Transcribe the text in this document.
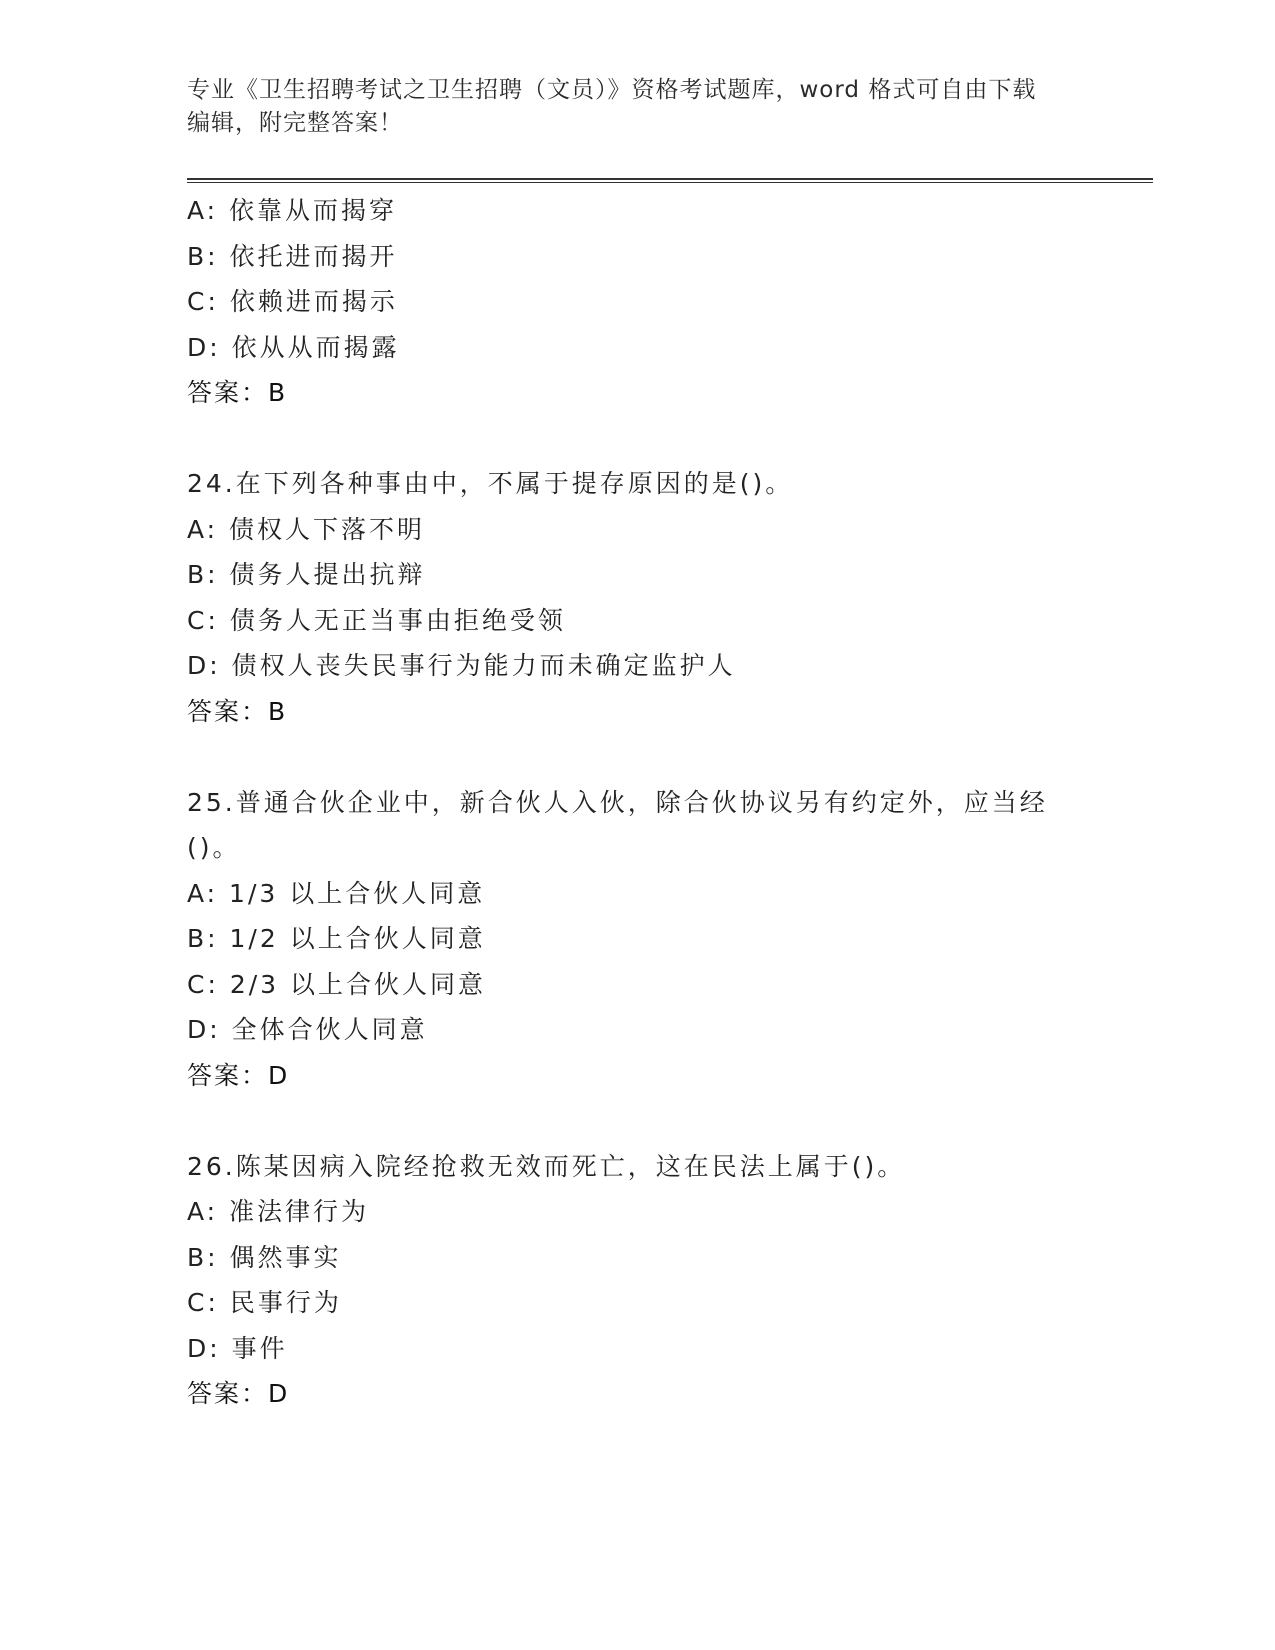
专业《卫生招聘考试之卫生招聘（文员）》资格考试题库，word 格式可自由下载
编辑，附完整答案！
A: 依靠从而揭穿
B: 依托进而揭开
C: 依赖进而揭示
D: 依从从而揭露
答案：B
24.在下列各种事由中，不属于提存原因的是()。
A: 债权人下落不明
B: 债务人提出抗辩
C: 债务人无正当事由拒绝受领
D: 债权人丧失民事行为能力而未确定监护人
答案：B
25.普通合伙企业中，新合伙人入伙，除合伙协议另有约定外，应当经
()。
A: 1/3 以上合伙人同意
B: 1/2 以上合伙人同意
C: 2/3 以上合伙人同意
D: 全体合伙人同意
答案：D
26.陈某因病入院经抢救无效而死亡，这在民法上属于()。
A: 准法律行为
B: 偶然事实
C: 民事行为
D: 事件
答案：D
